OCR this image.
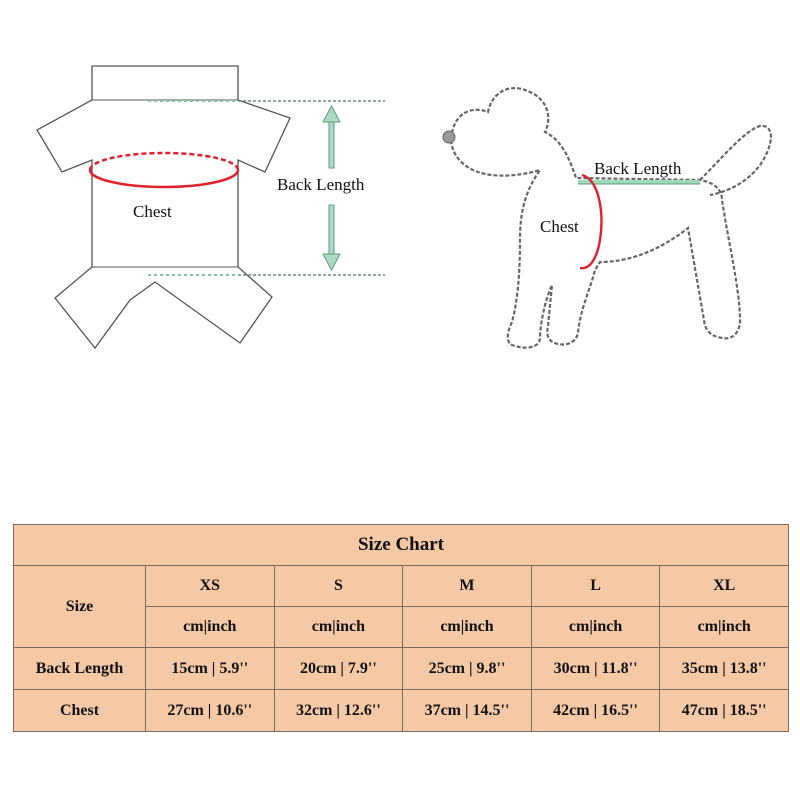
Chest
Back Length
Back Length
Chest
Size Chart					
Size	XS	S	M	L	XL
	cm|inch	cm|inch	cm|inch	cm|inch	cm|inch
Back Length	15cm | 5.9''	20cm | 7.9''	25cm | 9.8''	30cm | 11.8''	35cm | 13.8''
Chest	27cm | 10.6''	32cm | 12.6''	37cm | 14.5''	42cm | 16.5''	47cm | 18.5''
